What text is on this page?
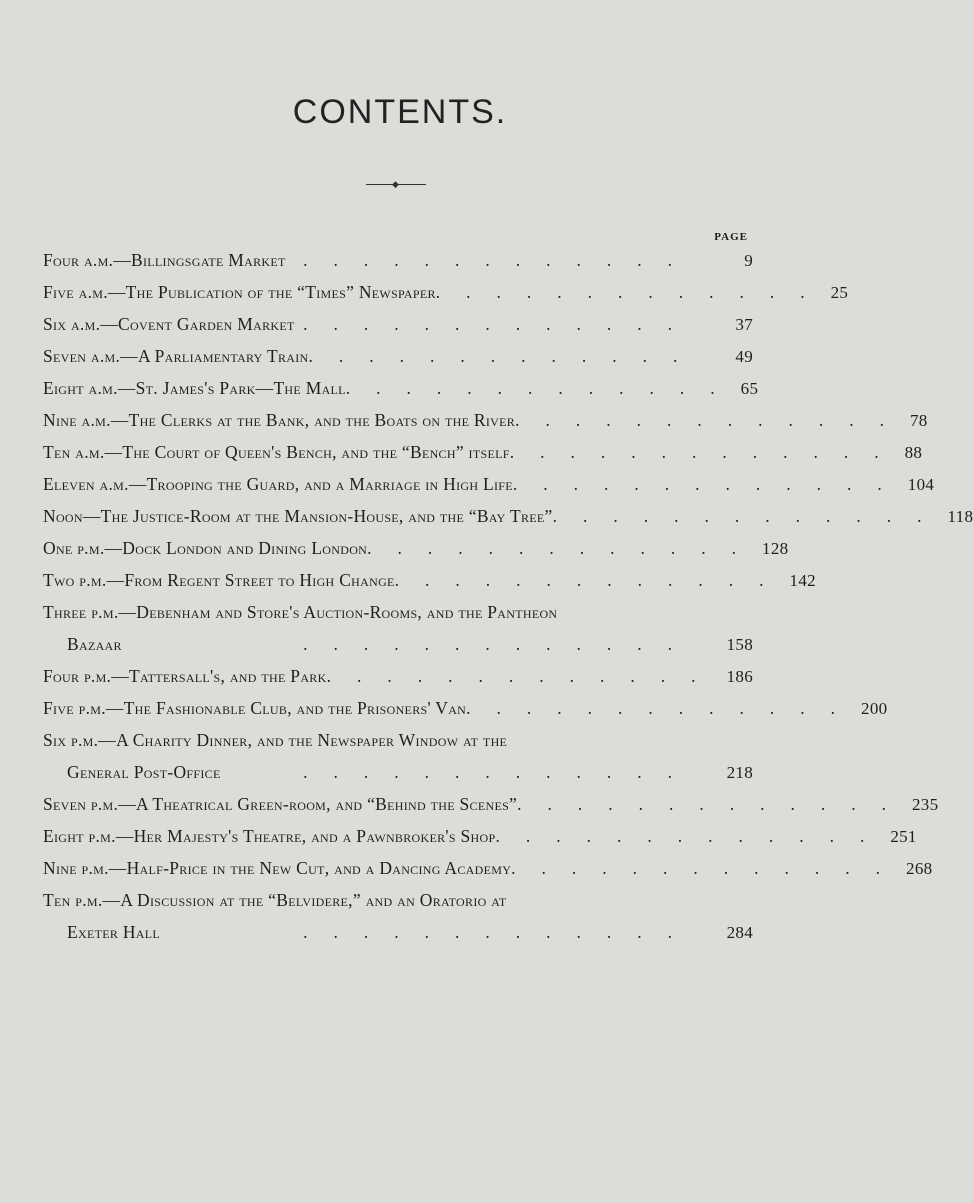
CONTENTS.
◆
PAGE
Four a.m.—Billingsgate Market .............	9
Five a.m.—The Publication of the “Times” Newspaper ............. 25
Six a.m.—Covent Garden Market .............	37
Seven a.m.—A Parliamentary Train .............	49
Eight a.m.—St. James's Park—The Mall ............. 65
Nine a.m.—The Clerks at the Bank, and the Boats on the River ............. 78
Ten a.m.—The Court of Queen's Bench, and the “Bench” itself ............. 88
Eleven a.m.—Trooping the Guard, and a Marriage in High Life ............. 104
Noon—The Justice-Room at the Mansion-House, and the “Bay Tree” ............. 118
One p.m.—Dock London and Dining London ............. 128
Two p.m.—From Regent Street to High Change ............. 142
Three p.m.—Debenham and Store's Auction-Rooms, and the Pantheon
Bazaar	.............	158
Four p.m.—Tattersall's, and the Park ............. 186
Five p.m.—The Fashionable Club, and the Prisoners' Van ............. 200
Six p.m.—A Charity Dinner, and the Newspaper Window at the
General Post-Office	.............	218
Seven p.m.—A Theatrical Green-room, and “Behind the Scenes” ............. 235
Eight p.m.—Her Majesty's Theatre, and a Pawnbroker's Shop ............. 251
Nine p.m.—Half-Price in the New Cut, and a Dancing Academy ............. 268
Ten p.m.—A Discussion at the “Belvidere,” and an Oratorio at
Exeter Hall	.............	284
